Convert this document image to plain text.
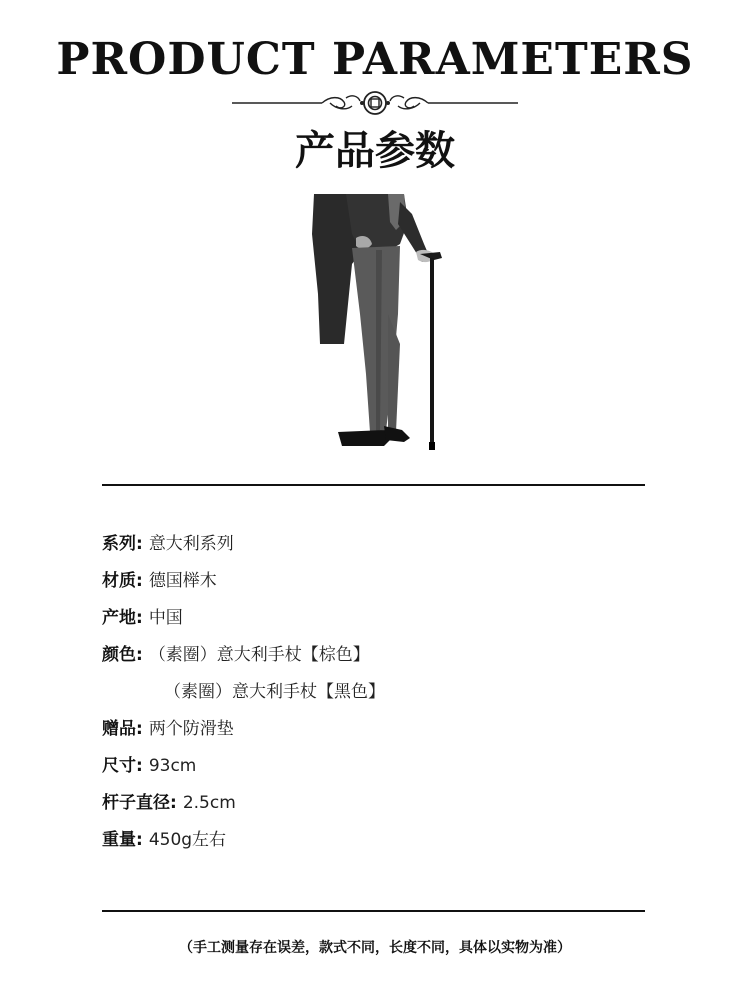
PRODUCT PARAMETERS
产品参数
系列: 意大利系列
材质: 德国榉木
产地: 中国
颜色: （素圈）意大利手杖【棕色】
（素圈）意大利手杖【黑色】
赠品: 两个防滑垫
尺寸: 93cm
杆子直径: 2.5cm
重量: 450g左右
（手工测量存在误差，款式不同，长度不同，具体以实物为准）
